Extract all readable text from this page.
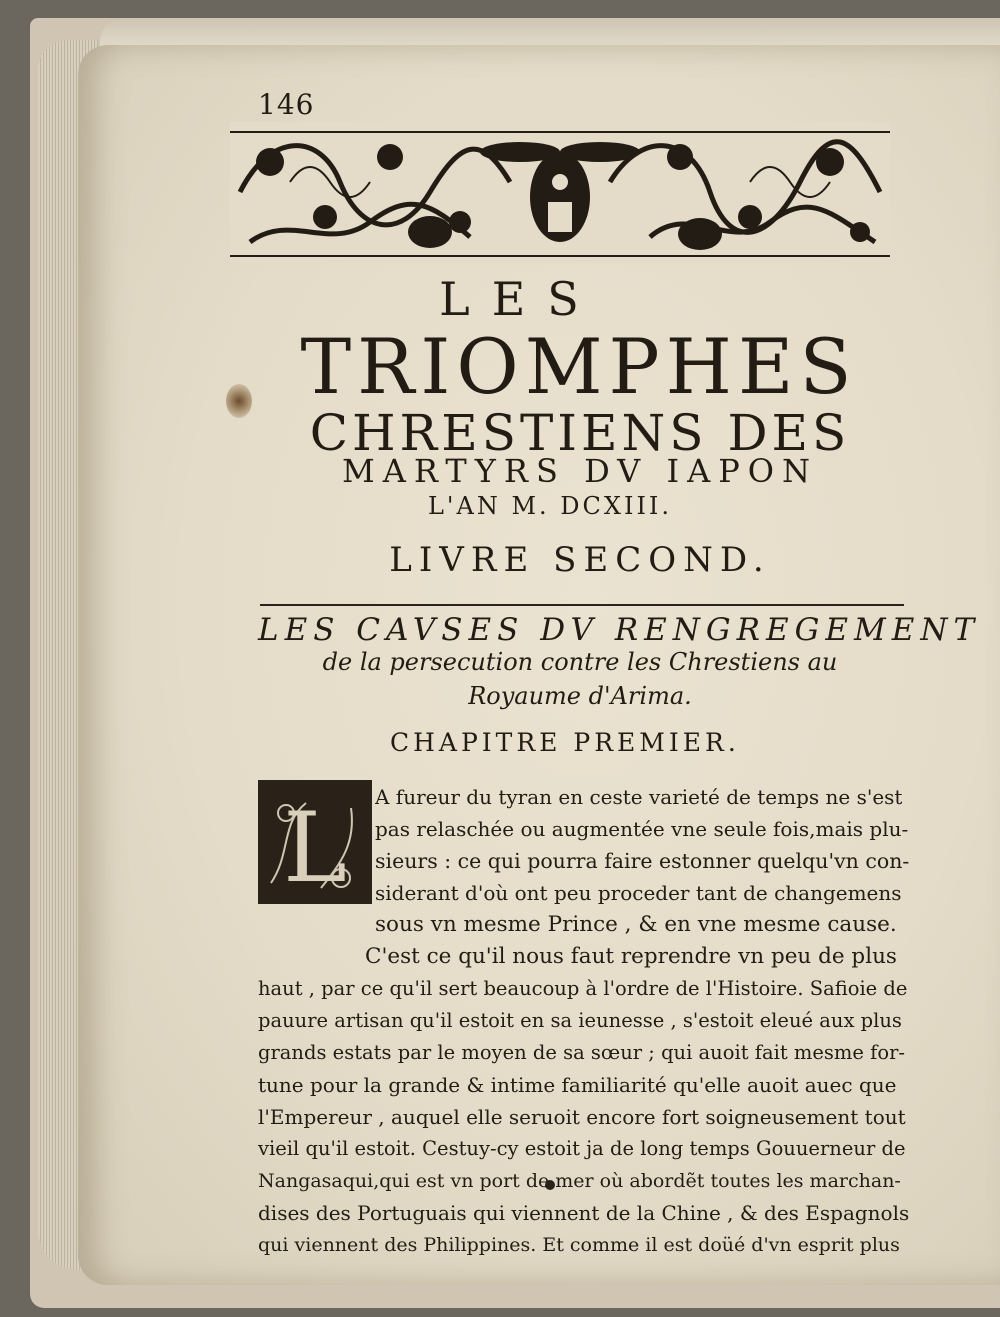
146
LES
TRIOMPHES
CHRESTIENS DES
MARTYRS DV IAPON
L'AN M. DCXIII.
LIVRE SECOND.
LES CAVSES DV RENGREGEMENT
de la persecution contre les Chrestiens au
Royaume d'Arima.
CHAPITRE PREMIER.
L A fureur du tyran en ceste varieté de temps ne s'est
pas relaschée ou augmentée vne seule fois,mais plu-
sieurs : ce qui pourra faire estonner quelqu'vn con-
siderant d'où ont peu proceder tant de changemens
sous vn mesme Prince , & en vne mesme cause.
C'est ce qu'il nous faut reprendre vn peu de plus
haut , par ce qu'il sert beaucoup à l'ordre de l'Histoire. Safioie de
pauure artisan qu'il estoit en sa ieunesse , s'estoit eleué aux plus
grands estats par le moyen de sa sœur ; qui auoit fait mesme for-
tune pour la grande & intime familiarité qu'elle auoit auec que
l'Empereur , auquel elle seruoit encore fort soigneusement tout
vieil qu'il estoit. Cestuy-cy estoit ja de long temps Gouuerneur de
Nangasaqui,qui est vn port de mer où abordẽt toutes les marchan-
dises des Portuguais qui viennent de la Chine , & des Espagnols
qui viennent des Philippines. Et comme il est doüé d'vn esprit plus
